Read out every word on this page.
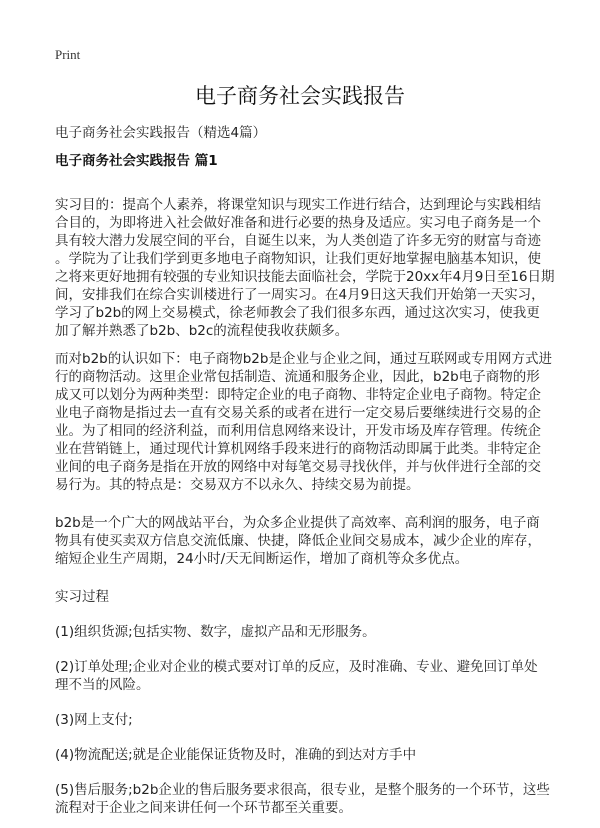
Print
电子商务社会实践报告
电子商务社会实践报告（精选4篇）
电子商务社会实践报告 篇1

实习目的：提高个人素养，将课堂知识与现实工作进行结合，达到理论与实践相结
合目的，为即将进入社会做好准备和进行必要的热身及适应。实习电子商务是一个
具有较大潜力发展空间的平台，自诞生以来，为人类创造了许多无穷的财富与奇迹
。学院为了让我们学到更多地电子商物知识，让我们更好地掌握电脑基本知识，使
之将来更好地拥有较强的专业知识技能去面临社会，学院于20xx年4月9日至16日期
间，安排我们在综合实训楼进行了一周实习。在4月9日这天我们开始第一天实习，
学习了b2b的网上交易模式，徐老师教会了我们很多东西，通过这次实习，使我更
加了解并熟悉了b2b、b2c的流程使我收获颇多。

而对b2b的认识如下：电子商物b2b是企业与企业之间，通过互联网或专用网方式进
行的商物活动。这里企业常包括制造、流通和服务企业，因此，b2b电子商物的形
成又可以划分为两种类型：即特定企业的电子商物、非特定企业电子商物。特定企
业电子商物是指过去一直有交易关系的或者在进行一定交易后要继续进行交易的企
业。为了相同的经济利益，而利用信息网络来设计，开发市场及库存管理。传统企
业在营销链上，通过现代计算机网络手段来进行的商物活动即属于此类。非特定企
业间的电子商务是指在开放的网络中对每笔交易寻找伙伴，并与伙伴进行全部的交
易行为。其的特点是：交易双方不以永久、持续交易为前提。

b2b是一个广大的网战站平台，为众多企业提供了高效率、高利润的服务，电子商
物具有使买卖双方信息交流低廉、快捷，降低企业间交易成本，减少企业的库存，
缩短企业生产周期，24小时/天无间断运作，增加了商机等众多优点。

实习过程

(1)组织货源;包括实物、数字，虚拟产品和无形服务。

(2)订单处理;企业对企业的模式要对订单的反应，及时准确、专业、避免回订单处
理不当的风险。

(3)网上支付;

(4)物流配送;就是企业能保证货物及时，准确的到达对方手中

(5)售后服务;b2b企业的售后服务要求很高，很专业，是整个服务的一个环节，这些
流程对于企业之间来讲任何一个环节都至关重要。
